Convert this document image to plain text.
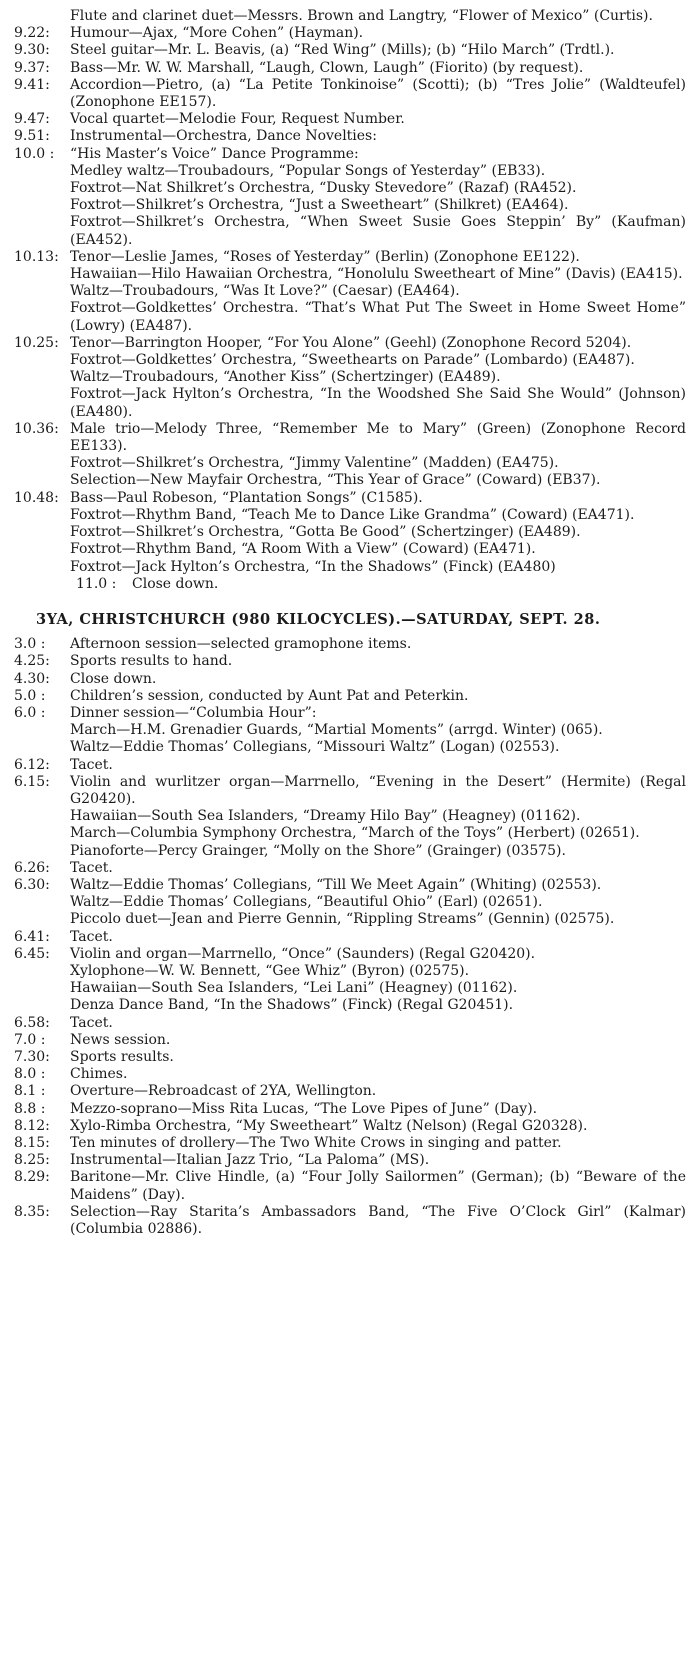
Flute and clarinet duet—Messrs. Brown and Langtry, “Flower of Mexico” (Curtis).
9.22:	Humour—Ajax, “More Cohen” (Hayman).
9.30:	Steel guitar—Mr. L. Beavis, (a) “Red Wing” (Mills); (b) “Hilo March” (Trdtl.).
9.37:	Bass—Mr. W. W. Marshall, “Laugh, Clown, Laugh” (Fiorito) (by request).
9.41:	Accordion—Pietro, (a) “La Petite Tonkinoise” (Scotti); (b) “Tres Jolie” (Waldteufel) (Zonophone EE157).
9.47:	Vocal quartet—Melodie Four, Request Number.
9.51:	Instrumental—Orchestra, Dance Novelties:
10.0 :	“His Master’s Voice” Dance Programme:
Medley waltz—Troubadours, “Popular Songs of Yesterday” (EB33).
Foxtrot—Nat Shilkret’s Orchestra, “Dusky Stevedore” (Razaf) (RA452).
Foxtrot—Shilkret’s Orchestra, “Just a Sweetheart” (Shilkret) (EA464).
Foxtrot—Shilkret’s Orchestra, “When Sweet Susie Goes Steppin’ By” (Kaufman) (EA452).
10.13: Tenor—Leslie James, “Roses of Yesterday” (Berlin) (Zonophone EE122).
Hawaiian—Hilo Hawaiian Orchestra, “Honolulu Sweetheart of Mine” (Davis) (EA415).
Waltz—Troubadours, “Was It Love?” (Caesar) (EA464).
Foxtrot—Goldkettes’ Orchestra. “That’s What Put The Sweet in Home Sweet Home” (Lowry) (EA487).
10.25: Tenor—Barrington Hooper, “For You Alone” (Geehl) (Zonophone Record 5204).
Foxtrot—Goldkettes’ Orchestra, “Sweethearts on Parade” (Lombardo) (EA487).
Waltz—Troubadours, “Another Kiss” (Schertzinger) (EA489).
Foxtrot—Jack Hylton’s Orchestra, “In the Woodshed She Said She Would” (Johnson) (EA480).
10.36: Male trio—Melody Three, “Remember Me to Mary” (Green) (Zonophone Record EE133).
Foxtrot—Shilkret’s Orchestra, “Jimmy Valentine” (Madden) (EA475).
Selection—New Mayfair Orchestra, “This Year of Grace” (Coward) (EB37).
10.48: Bass—Paul Robeson, “Plantation Songs” (C1585).
Foxtrot—Rhythm Band, “Teach Me to Dance Like Grandma” (Coward) (EA471).
Foxtrot—Shilkret’s Orchestra, “Gotta Be Good” (Schertzinger) (EA489).
Foxtrot—Rhythm Band, “A Room With a View” (Coward) (EA471).
Foxtrot—Jack Hylton’s Orchestra, “In the Shadows” (Finck) (EA480)
11.0 :	Close down.
3YA, CHRISTCHURCH (980 KILOCYCLES).—SATURDAY, SEPT. 28.
3.0 :	Afternoon session—selected gramophone items.
4.25:	Sports results to hand.
4.30:	Close down.
5.0 :	Children’s session, conducted by Aunt Pat and Peterkin.
6.0 :	Dinner session—“Columbia Hour”:
March—H.M. Grenadier Guards, “Martial Moments” (arrgd. Winter) (065).
Waltz—Eddie Thomas’ Collegians, “Missouri Waltz” (Logan) (02553).
6.12:	Tacet.
6.15:	Violin and wurlitzer organ—Marrnello, “Evening in the Desert” (Hermite) (Regal G20420).
Hawaiian—South Sea Islanders, “Dreamy Hilo Bay” (Heagney) (01162).
March—Columbia Symphony Orchestra, “March of the Toys” (Herbert) (02651).
Pianoforte—Percy Grainger, “Molly on the Shore” (Grainger) (03575).
6.26:	Tacet.
6.30:	Waltz—Eddie Thomas’ Collegians, “Till We Meet Again” (Whiting) (02553).
Waltz—Eddie Thomas’ Collegians, “Beautiful Ohio” (Earl) (02651).
Piccolo duet—Jean and Pierre Gennin, “Rippling Streams” (Gennin) (02575).
6.41:	Tacet.
6.45:	Violin and organ—Marrnello, “Once” (Saunders) (Regal G20420).
Xylophone—W. W. Bennett, “Gee Whiz” (Byron) (02575).
Hawaiian—South Sea Islanders, “Lei Lani” (Heagney) (01162).
Denza Dance Band, “In the Shadows” (Finck) (Regal G20451).
6.58:	Tacet.
7.0 :	News session.
7.30:	Sports results.
8.0 :	Chimes.
8.1 :	Overture—Rebroadcast of 2YA, Wellington.
8.8 :	Mezzo-soprano—Miss Rita Lucas, “The Love Pipes of June” (Day).
8.12:	Xylo-Rimba Orchestra, “My Sweetheart” Waltz (Nelson) (Regal G20328).
8.15:	Ten minutes of drollery—The Two White Crows in singing and patter.
8.25:	Instrumental—Italian Jazz Trio, “La Paloma” (MS).
8.29:	Baritone—Mr. Clive Hindle, (a) “Four Jolly Sailormen” (German); (b) “Beware of the Maidens” (Day).
8.35:	Selection—Ray Starita’s Ambassadors Band, “The Five O’Clock Girl” (Kalmar) (Columbia 02886).
